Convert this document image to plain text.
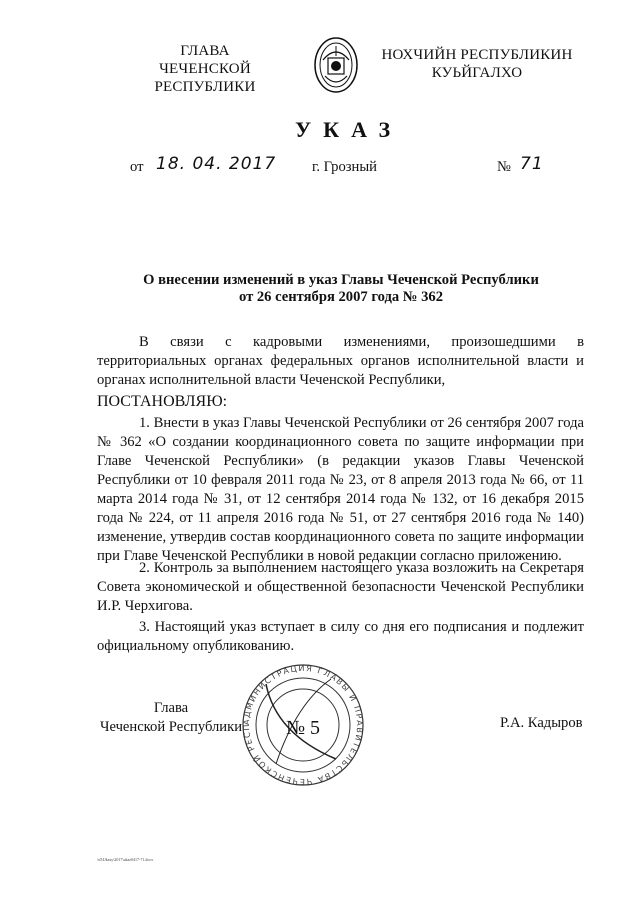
ГЛАВА
ЧЕЧЕНСКОЙ РЕСПУБЛИКИ
НОХЧИЙН РЕСПУБЛИКИН
КУЬЙГАЛХО
УКАЗ
от 18. 04. 2017 г. Грозный	№ 71
О внесении изменений в указ Главы Чеченской Республики
от 26 сентября 2007 года № 362
В связи с кадровыми изменениями, произошедшими в территориальных органах федеральных органов исполнительной власти и органах исполнительной власти Чеченской Республики,
ПОСТАНОВЛЯЮ:
1. Внести в указ Главы Чеченской Республики от 26 сентября 2007 года № 362 «О создании координационного совета по защите информации при Главе Чеченской Республики» (в редакции указов Главы Чеченской Республики от 10 февраля 2011 года № 23, от 8 апреля 2013 года № 66, от 11 марта 2014 года № 31, от 12 сентября 2014 года № 132, от 16 декабря 2015 года № 224, от 11 апреля 2016 года № 51, от 27 сентября 2016 года № 140) изменение, утвердив состав координационного совета по защите информации при Главе Чеченской Республики в новой редакции согласно приложению.
2. Контроль за выполнением настоящего указа возложить на Секретаря Совета экономической и общественной безопасности Чеченской Республики И.Р. Черхигова.
3. Настоящий указ вступает в силу со дня его подписания и подлежит официальному опубликованию.
Глава
Чеченской Республики АДМИНИСТРАЦИЯ ГЛАВЫ И ПРАВИТЕЛЬСТВА ЧЕЧЕНСКОЙ РЕСП	№ 5	Р.А. Кадыров
\s0\Ukazy\2017\ukaz0417-71.docx
